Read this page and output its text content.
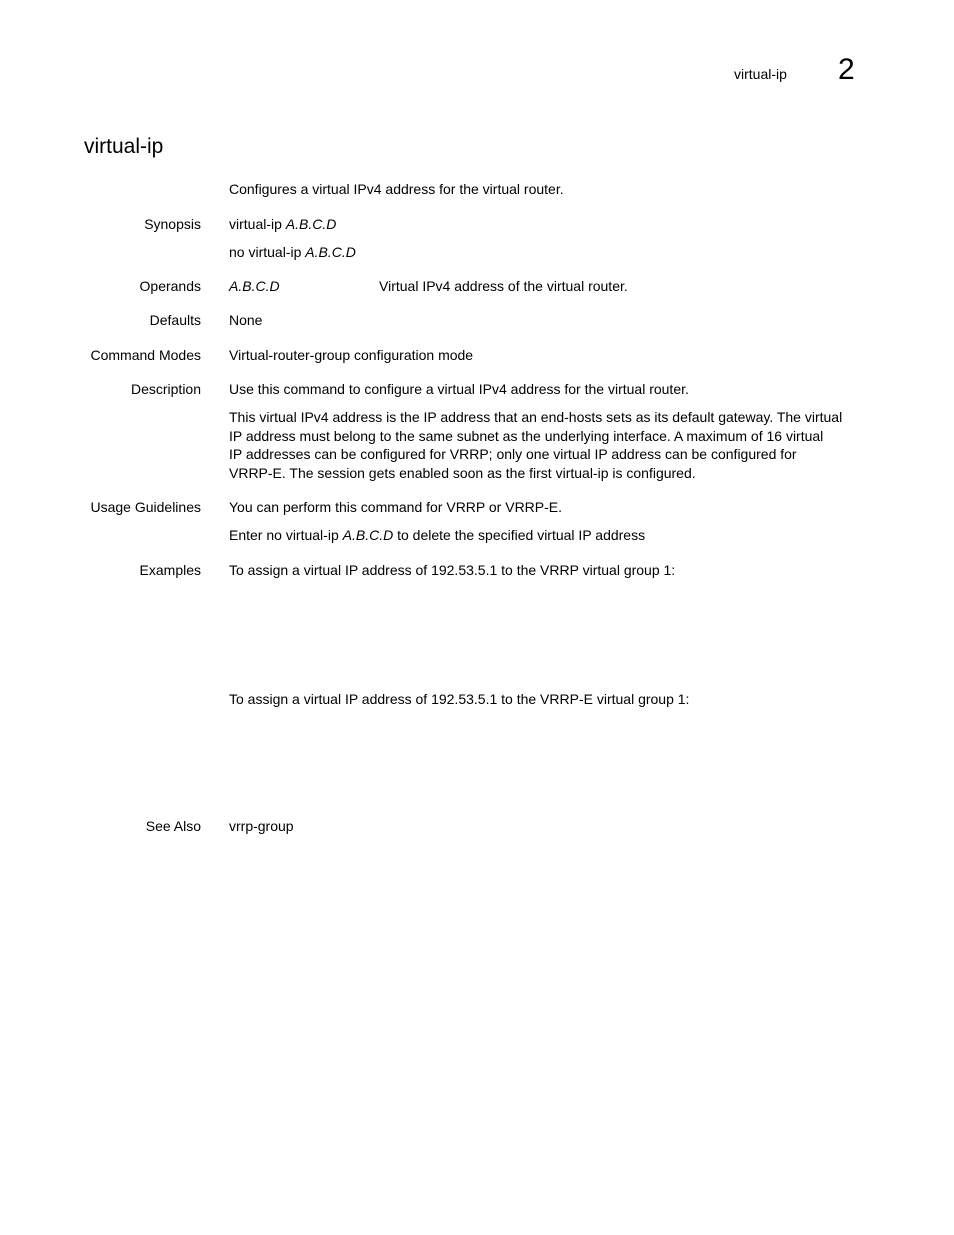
virtual-ip 2
virtual-ip
Configures a virtual IPv4 address for the virtual router.
Synopsis virtual-ip A.B.C.D
no virtual-ip A.B.C.D
Operands A.B.C.D	Virtual IPv4 address of the virtual router.
Defaults None
Command Modes Virtual-router-group configuration mode
Description Use this command to configure a virtual IPv4 address for the virtual router.

This virtual IPv4 address is the IP address that an end-hosts sets as its default gateway. The virtual

IP address must belong to the same subnet as the underlying interface. A maximum of 16 virtual

IP addresses can be configured for VRRP; only one virtual IP address can be configured for

VRRP-E. The session gets enabled soon as the first virtual-ip is configured.

Usage Guidelines You can perform this command for VRRP or VRRP-E.
Enter no virtual-ip A.B.C.D to delete the specified virtual IP address
Examples To assign a virtual IP address of 192.53.5.1 to the VRRP virtual group 1:
To assign a virtual IP address of 192.53.5.1 to the VRRP-E virtual group 1:
See Also vrrp-group
